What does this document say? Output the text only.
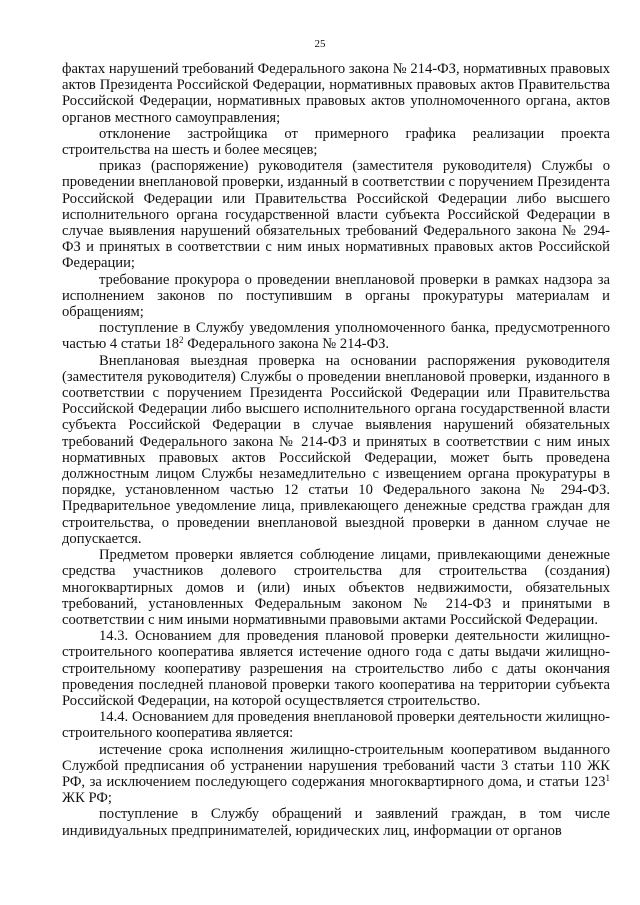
25

фактах нарушений требований Федерального закона № 214-ФЗ, нормативных правовых актов Президента Российской Федерации, нормативных правовых актов Правительства Российской Федерации, нормативных правовых актов уполномоченного органа, актов органов местного самоуправления;

отклонение застройщика от примерного графика реализации проекта строительства на шесть и более месяцев;

приказ (распоряжение) руководителя (заместителя руководителя) Службы о проведении внеплановой проверки, изданный в соответствии с поручением Президента Российской Федерации или Правительства Российской Федерации либо высшего исполнительного органа государственной власти субъекта Российской Федерации в случае выявления нарушений обязательных требований Федерального закона № 294-ФЗ и принятых в соответствии с ним иных нормативных правовых актов Российской Федерации;

требование прокурора о проведении внеплановой проверки в рамках надзора за исполнением законов по поступившим в органы прокуратуры материалам и обращениям;

поступление в Службу уведомления уполномоченного банка, предусмотренного частью 4 статьи $18^2$ Федерального закона № 214-ФЗ.

Внеплановая выездная проверка на основании распоряжения руководителя (заместителя руководителя) Службы о проведении внеплановой проверки, изданного в соответствии с поручением Президента Российской Федерации или Правительства Российской Федерации либо высшего исполнительного органа государственной власти субъекта Российской Федерации в случае выявления нарушений обязательных требований Федерального закона № 214-ФЗ и принятых в соответствии с ним иных нормативных правовых актов Российской Федерации, может быть проведена должностным лицом Службы незамедлительно с извещением органа прокуратуры в порядке, установленном частью 12 статьи 10 Федерального закона № 294-ФЗ. Предварительное уведомление лица, привлекающего денежные средства граждан для строительства, о проведении внеплановой выездной проверки в данном случае не допускается.

Предметом проверки является соблюдение лицами, привлекающими денежные средства участников долевого строительства для строительства (создания) многоквартирных домов и (или) иных объектов недвижимости, обязательных требований, установленных Федеральным законом № 214-ФЗ и принятыми в соответствии с ним иными нормативными правовыми актами Российской Федерации.

14.3. Основанием для проведения плановой проверки деятельности жилищно-строительного кооператива является истечение одного года с даты выдачи жилищно-строительному кооперативу разрешения на строительство либо с даты окончания проведения последней плановой проверки такого кооператива на территории субъекта Российской Федерации, на которой осуществляется строительство.

14.4. Основанием для проведения внеплановой проверки деятельности жилищно-строительного кооператива является:

истечение срока исполнения жилищно-строительным кооперативом выданного Службой предписания об устранении нарушения требований части 3 статьи 110 ЖК РФ, за исключением последующего содержания многоквартирного дома, и статьи $123^1$ ЖК РФ;

поступление в Службу обращений и заявлений граждан, в том числе индивидуальных предпринимателей, юридических лиц, информации от органов
